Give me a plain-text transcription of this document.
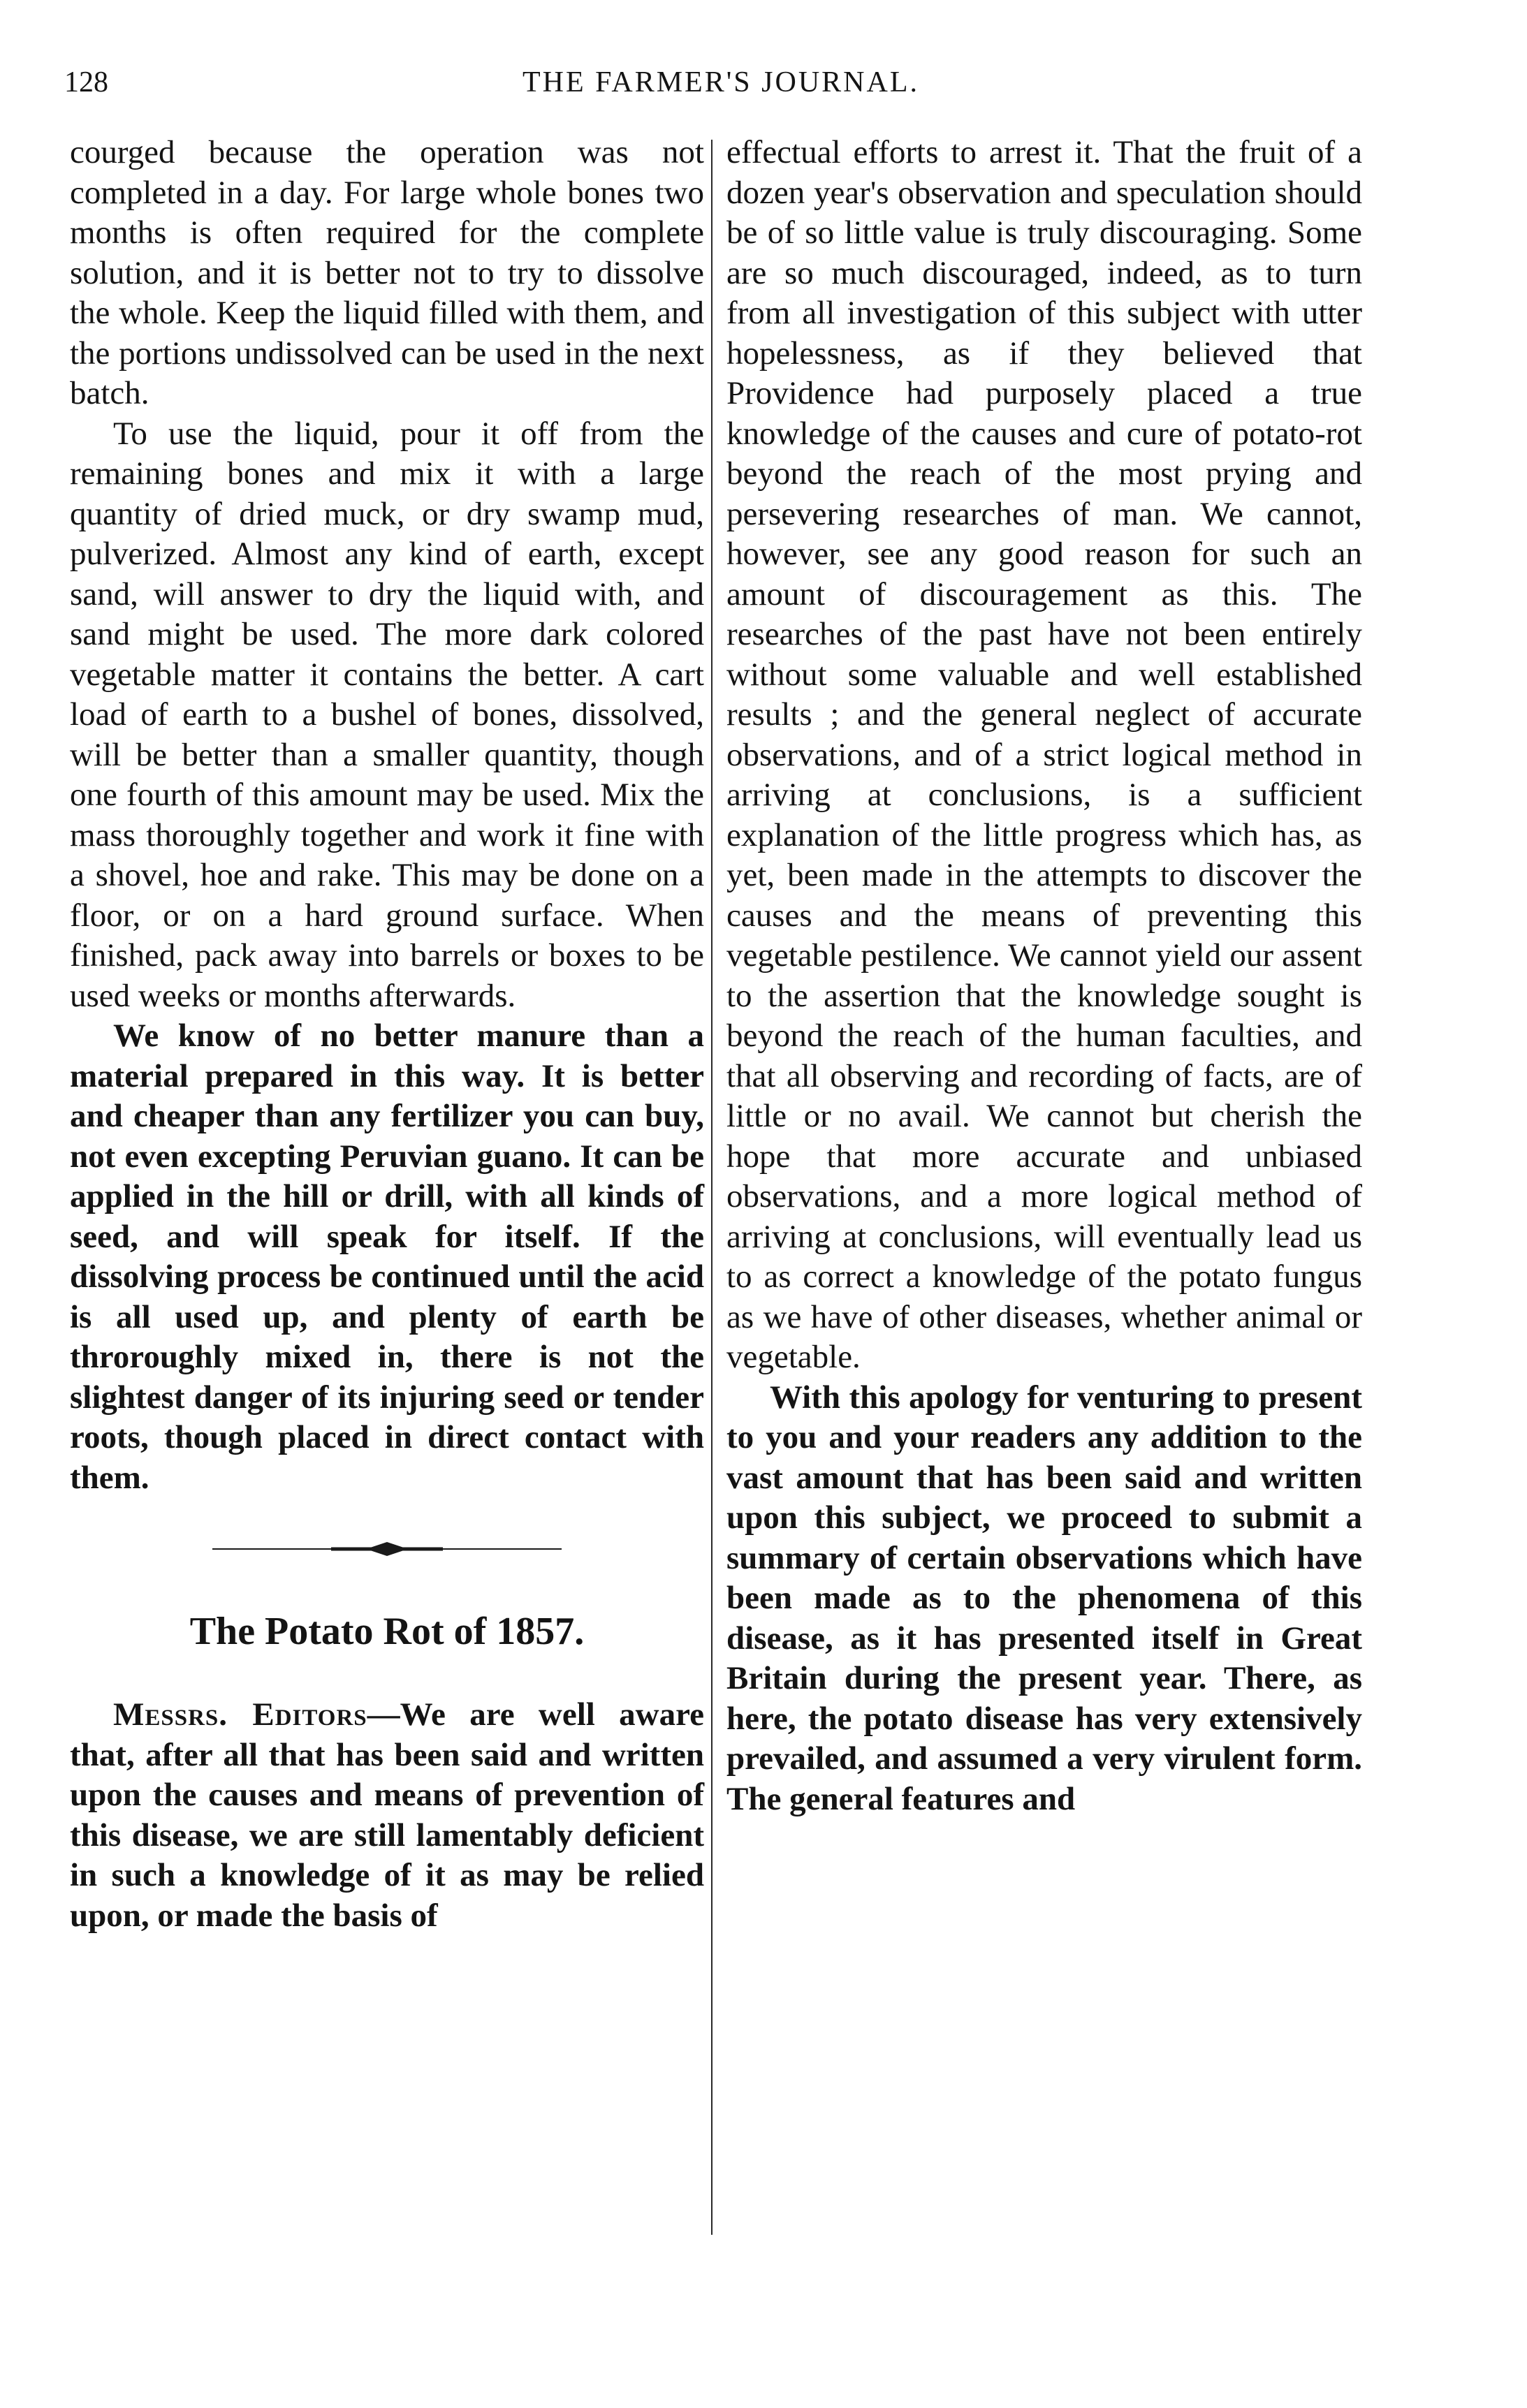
128	THE FARMER'S JOURNAL.

courged because the operation was not completed in a day. For large whole bones two months is often required for the complete solution, and it is better not to try to dissolve the whole. Keep the liquid filled with them, and the portions undissolved can be used in the next batch.

To use the liquid, pour it off from the remaining bones and mix it with a large quantity of dried muck, or dry swamp mud, pulverized. Almost any kind of earth, except sand, will answer to dry the liquid with, and sand might be used. The more dark colored vegetable matter it contains the better. A cart load of earth to a bushel of bones, dissolved, will be better than a smaller quantity, though one fourth of this amount may be used. Mix the mass thoroughly together and work it fine with a shovel, hoe and rake. This may be done on a floor, or on a hard ground surface. When finished, pack away into barrels or boxes to be used weeks or months afterwards.

We know of no better manure than a material prepared in this way. It is better and cheaper than any fertilizer you can buy, not even excepting Peruvian guano. It can be applied in the hill or drill, with all kinds of seed, and will speak for itself. If the dissolving process be continued until the acid is all used up, and plenty of earth be throroughly mixed in, there is not the slightest danger of its injuring seed or tender roots, though placed in direct contact with them.

The Potato Rot of 1857.

Messrs. Editors—We are well aware that, after all that has been said and written upon the causes and means of prevention of this disease, we are still lamentably deficient in such a knowledge of it as may be relied upon, or made the basis of

effectual efforts to arrest it. That the fruit of a dozen year's observation and speculation should be of so little value is truly discouraging. Some are so much discouraged, indeed, as to turn from all investigation of this subject with utter hopelessness, as if they believed that Providence had purposely placed a true knowledge of the causes and cure of potato-rot beyond the reach of the most prying and persevering researches of man. We cannot, however, see any good reason for such an amount of discouragement as this. The researches of the past have not been entirely without some valuable and well established results ; and the general neglect of accurate observations, and of a strict logical method in arriving at conclusions, is a sufficient explanation of the little progress which has, as yet, been made in the attempts to discover the causes and the means of preventing this vegetable pestilence. We cannot yield our assent to the assertion that the knowledge sought is beyond the reach of the human faculties, and that all observing and recording of facts, are of little or no avail. We cannot but cherish the hope that more accurate and unbiased observations, and a more logical method of arriving at conclusions, will eventually lead us to as correct a knowledge of the potato fungus as we have of other diseases, whether animal or vegetable.

With this apology for venturing to present to you and your readers any addition to the vast amount that has been said and written upon this subject, we proceed to submit a summary of certain observations which have been made as to the phenomena of this disease, as it has presented itself in Great Britain during the present year. There, as here, the potato disease has very extensively prevailed, and assumed a very virulent form. The general features and
